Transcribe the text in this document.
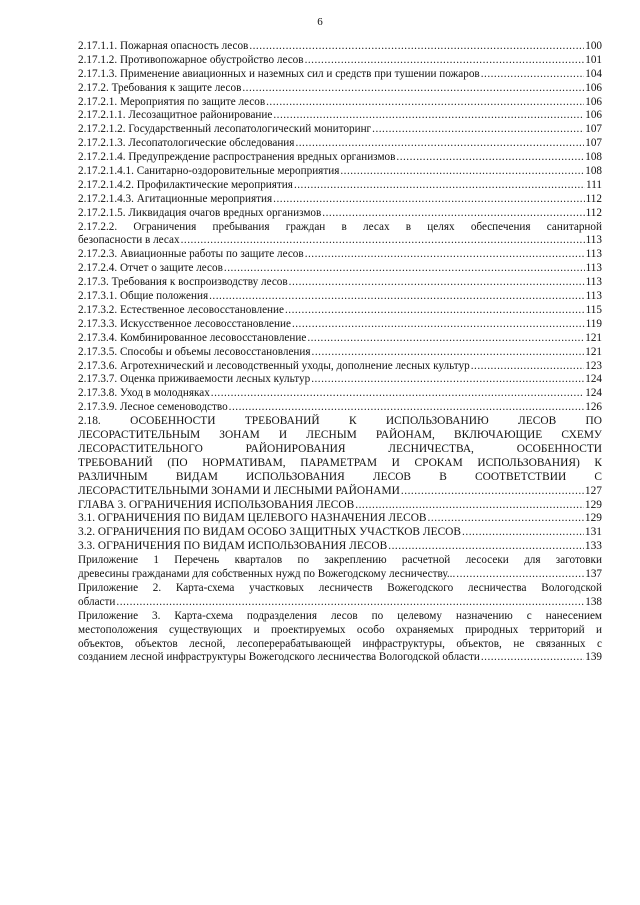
6
2.17.1.1. Пожарная опасность лесов .....	100
2.17.1.2. Противопожарное обустройство лесов .....	101
2.17.1.3. Применение авиационных и наземных сил и средств при тушении пожаров .....	104
2.17.2. Требования к защите лесов .....	106
2.17.2.1. Мероприятия по защите лесов .....	106
2.17.2.1.1. Лесозащитное районирование .....	106
2.17.2.1.2. Государственный лесопатологический мониторинг .....	107
2.17.2.1.3. Лесопатологические обследования .....	107
2.17.2.1.4. Предупреждение распространения вредных организмов .....	108
2.17.2.1.4.1. Санитарно-оздоровительные мероприятия .....	108
2.17.2.1.4.2. Профилактические мероприятия .....	111
2.17.2.1.4.3. Агитационные мероприятия .....	112
2.17.2.1.5. Ликвидация очагов вредных организмов .....	112
2.17.2.2. Ограничения пребывания граждан в лесах в целях обеспечения санитарной
безопасности в лесах .....	113
2.17.2.3. Авиационные работы по защите лесов .....	113
2.17.2.4. Отчет о защите лесов .....	113
2.17.3. Требования к воспроизводству лесов .....	113
2.17.3.1. Общие положения .....	113
2.17.3.2. Естественное лесовосстановление .....	115
2.17.3.3. Искусственное лесовосстановление .....	119
2.17.3.4. Комбинированное лесовосстановление .....	121
2.17.3.5. Способы и объемы лесовосстановления .....	121
2.17.3.6. Агротехнический и лесоводственный уходы, дополнение лесных культур .....	123
2.17.3.7. Оценка приживаемости лесных культур .....	124
2.17.3.8. Уход в молодняках .....	124
2.17.3.9. Лесное семеноводство .....	126
2.18. ОСОБЕННОСТИ ТРЕБОВАНИЙ К ИСПОЛЬЗОВАНИЮ ЛЕСОВ ПО
ЛЕСОРАСТИТЕЛЬНЫМ ЗОНАМ И ЛЕСНЫМ РАЙОНАМ, ВКЛЮЧАЮЩИЕ СХЕМУ
ЛЕСОРАСТИТЕЛЬНОГО РАЙОНИРОВАНИЯ ЛЕСНИЧЕСТВА, ОСОБЕННОСТИ
ТРЕБОВАНИЙ (ПО НОРМАТИВАМ, ПАРАМЕТРАМ И СРОКАМ ИСПОЛЬЗОВАНИЯ) К
РАЗЛИЧНЫМ ВИДАМ ИСПОЛЬЗОВАНИЯ ЛЕСОВ В СООТВЕТСТВИИ С
ЛЕСОРАСТИТЕЛЬНЫМИ ЗОНАМИ И ЛЕСНЫМИ РАЙОНАМИ .....	127
ГЛАВА 3. ОГРАНИЧЕНИЯ ИСПОЛЬЗОВАНИЯ ЛЕСОВ .....	129
3.1. ОГРАНИЧЕНИЯ ПО ВИДАМ ЦЕЛЕВОГО НАЗНАЧЕНИЯ ЛЕСОВ .....	129
3.2. ОГРАНИЧЕНИЯ ПО ВИДАМ ОСОБО ЗАЩИТНЫХ УЧАСТКОВ ЛЕСОВ .....	131
3.3. ОГРАНИЧЕНИЯ ПО ВИДАМ ИСПОЛЬЗОВАНИЯ ЛЕСОВ .....	133
Приложение 1 Перечень кварталов по закреплению расчетной лесосеки для заготовки
древесины гражданами для собственных нужд по Вожегодскому лесничеству... .....	137
Приложение 2. Карта-схема участковых лесничеств Вожегодского лесничества Вологодской
области .....	138
Приложение 3. Карта-схема подразделения лесов по целевому назначению с нанесением
местоположения существующих и проектируемых особо охраняемых природных территорий и
объектов, объектов лесной, лесоперерабатывающей инфраструктуры, объектов, не связанных с
созданием лесной инфраструктуры Вожегодского лесничества Вологодской области .....	139
